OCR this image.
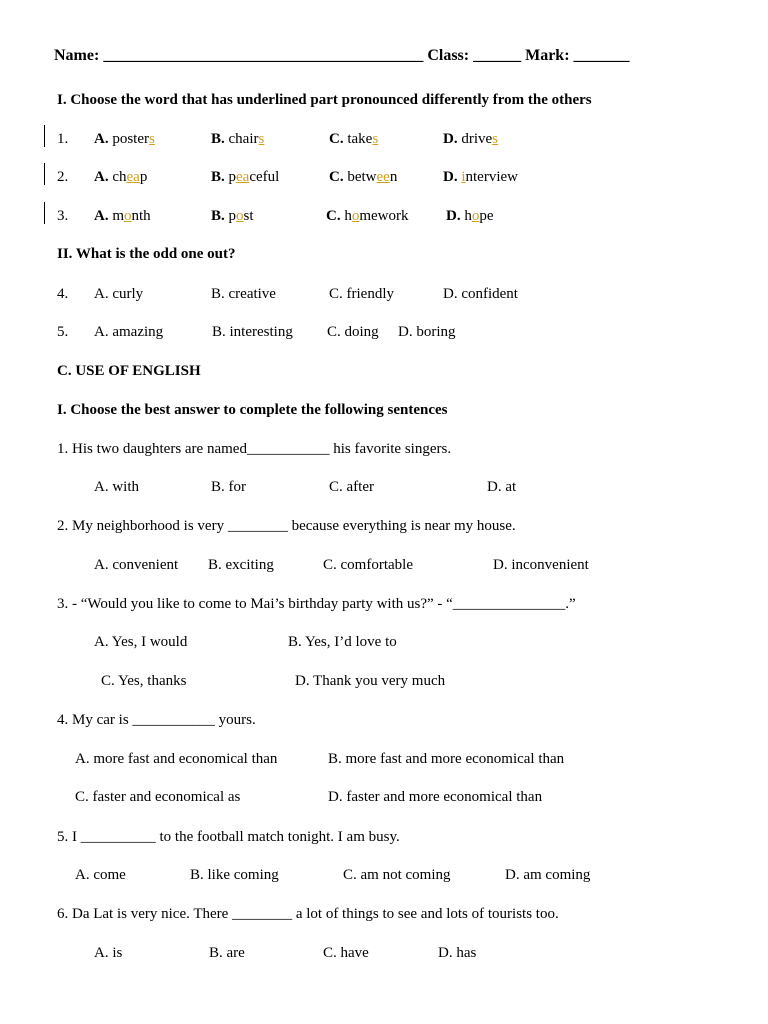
Name: ________________________________________ Class: ______ Mark: _______
I. Choose the word that has underlined part pronounced differently from the others
1. A. posters	B. chairs	C. takes	D. drives
2. A. cheap	B. peaceful	C. between	D. interview
3. A. month	B. post	C. homework	D. hope
II. What is the odd one out?
4. A. curly	B. creative	C. friendly	D. confident
5. A. amazing	B. interesting C. doing D. boring
C. USE OF ENGLISH
I. Choose the best answer to complete the following sentences
1. His two daughters are named___________ his favorite singers.
A. with	B. for	C. after	D. at
2. My neighborhood is very ________ because everything is near my house.
A. convenient B. exciting	C. comfortable	D. inconvenient
3. - “Would you like to come to Mai’s birthday party with us?” - “_______________.”
A. Yes, I would	B. Yes, I’d love to
C. Yes, thanks	D. Thank you very much
4. My car is ___________ yours.
A. more fast and economical than	B. more fast and more economical than
C. faster and economical as	D. faster and more economical than
5. I __________ to the football match tonight. I am busy.
A. come	B. like coming	C. am not coming	D. am coming
6. Da Lat is very nice. There ________ a lot of things to see and lots of tourists too.
A. is	B. are	C. have	D. has
